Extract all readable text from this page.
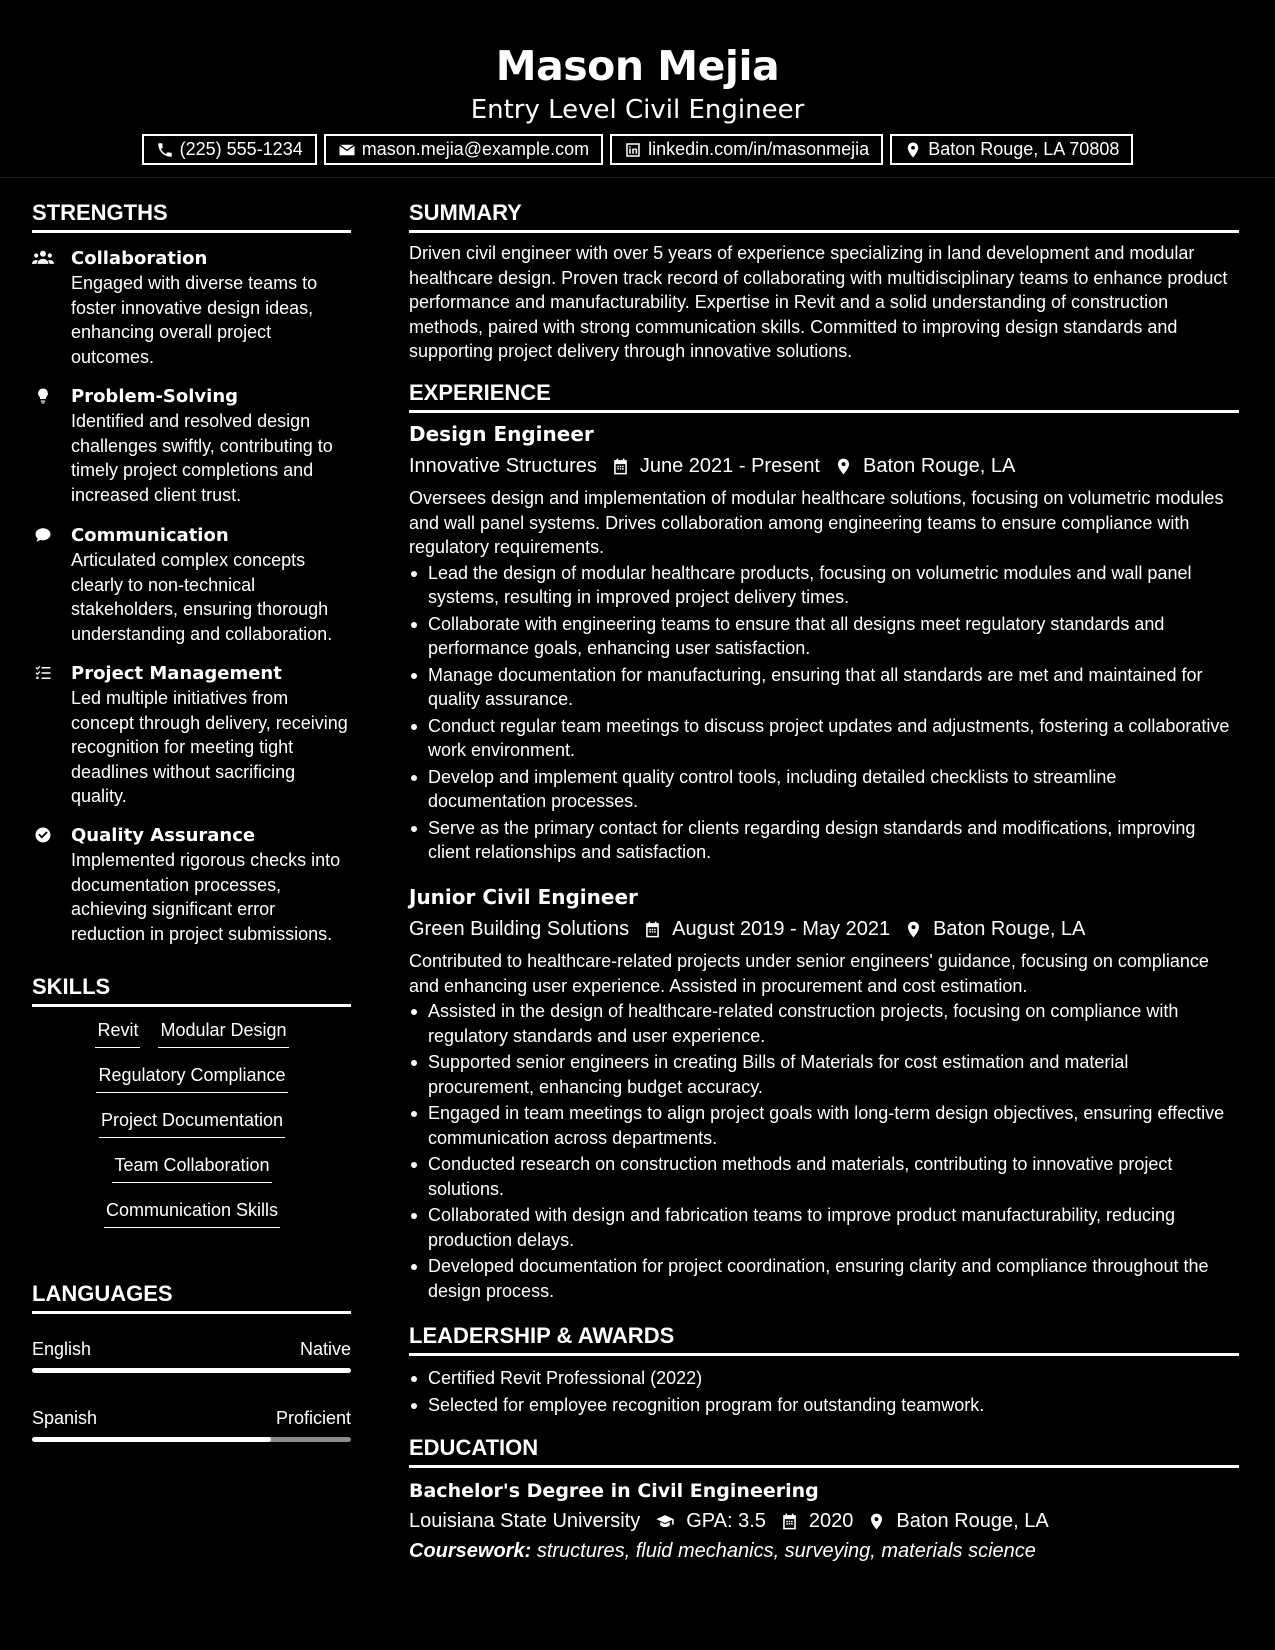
Mason Mejia
Entry Level Civil Engineer
(225) 555-1234	mason.mejia@example.com	linkedin.com/in/masonmejia	Baton Rouge, LA 70808
STRENGTHS
Collaboration
Engaged with diverse teams to foster innovative design ideas, enhancing overall project outcomes.
Problem-Solving
Identified and resolved design challenges swiftly, contributing to timely project completions and increased client trust.
Communication
Articulated complex concepts clearly to non-technical stakeholders, ensuring thorough understanding and collaboration.
Project Management
Led multiple initiatives from concept through delivery, receiving recognition for meeting tight deadlines without sacrificing quality.
Quality Assurance
Implemented rigorous checks into documentation processes, achieving significant error reduction in project submissions.
SKILLS
Revit Modular Design
Regulatory Compliance
Project Documentation
Team Collaboration
Communication Skills
LANGUAGES
English	Native
Spanish	Proficient
SUMMARY

Driven civil engineer with over 5 years of experience specializing in land development and modular healthcare design. Proven track record of collaborating with multidisciplinary teams to enhance product performance and manufacturability. Expertise in Revit and a solid understanding of construction methods, paired with strong communication skills. Committed to improving design standards and supporting project delivery through innovative solutions.

EXPERIENCE
Design Engineer
Innovative Structures June 2021 - Present Baton Rouge, LA

Oversees design and implementation of modular healthcare solutions, focusing on volumetric modules and wall panel systems. Drives collaboration among engineering teams to ensure compliance with regulatory requirements.

Lead the design of modular healthcare products, focusing on volumetric modules and wall panel systems, resulting in improved project delivery times.
Collaborate with engineering teams to ensure that all designs meet regulatory standards and performance goals, enhancing user satisfaction.
Manage documentation for manufacturing, ensuring that all standards are met and maintained for quality assurance.
Conduct regular team meetings to discuss project updates and adjustments, fostering a collaborative work environment.
Develop and implement quality control tools, including detailed checklists to streamline documentation processes.
Serve as the primary contact for clients regarding design standards and modifications, improving client relationships and satisfaction.
Junior Civil Engineer
Green Building Solutions August 2019 - May 2021 Baton Rouge, LA

Contributed to healthcare-related projects under senior engineers' guidance, focusing on compliance and enhancing user experience. Assisted in procurement and cost estimation.

Assisted in the design of healthcare-related construction projects, focusing on compliance with regulatory standards and user experience.
Supported senior engineers in creating Bills of Materials for cost estimation and material procurement, enhancing budget accuracy.
Engaged in team meetings to align project goals with long-term design objectives, ensuring effective communication across departments.
Conducted research on construction methods and materials, contributing to innovative project solutions.
Collaborated with design and fabrication teams to improve product manufacturability, reducing production delays.
Developed documentation for project coordination, ensuring clarity and compliance throughout the design process.
LEADERSHIP & AWARDS
Certified Revit Professional (2022)
Selected for employee recognition program for outstanding teamwork.
EDUCATION
Bachelor's Degree in Civil Engineering
Louisiana State University GPA: 3.5 2020 Baton Rouge, LA
Coursework: structures, fluid mechanics, surveying, materials science
